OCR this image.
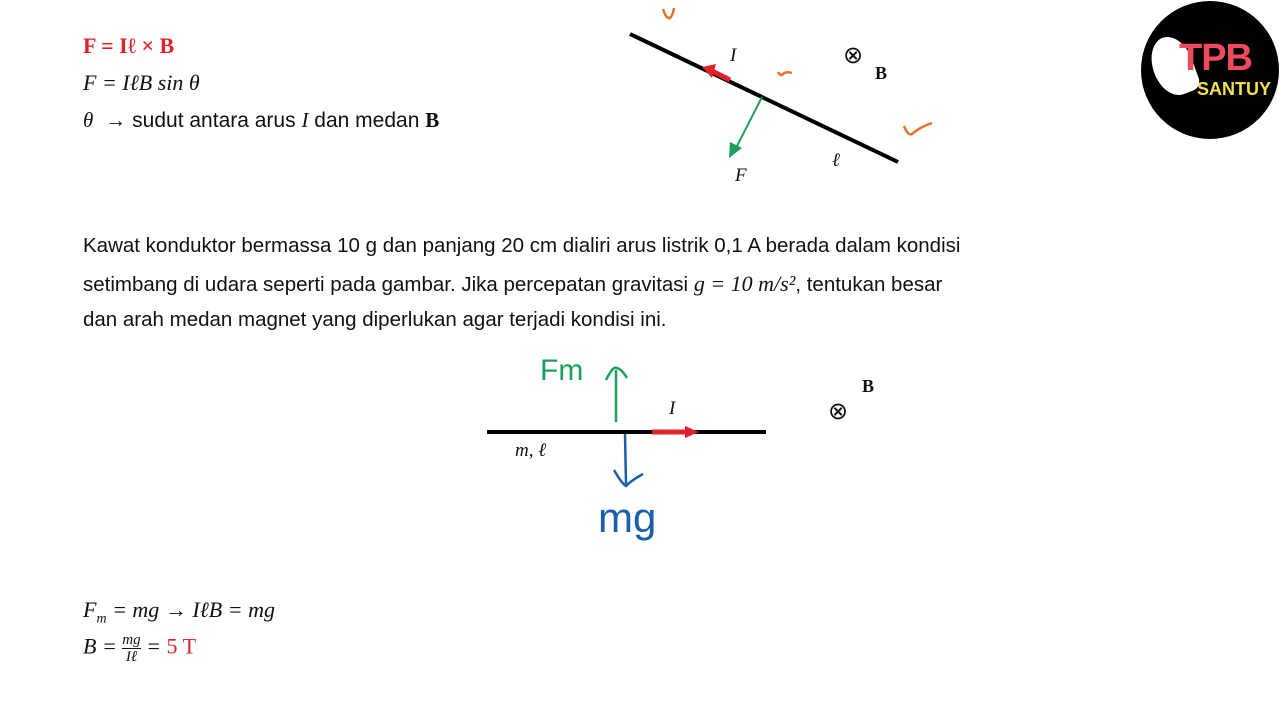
F = Iℓ × B
F = IℓB sin θ
θ → sudut antara arus I dan medan B
Fm
mg
I	⊗
B
F
ℓ
TPB
SANTUY
Kawat konduktor bermassa 10 g dan panjang 20 cm dialiri arus listrik 0,1 A berada dalam kondisi
setimbang di udara seperti pada gambar. Jika percepatan gravitasi g = 10 m/s², tentukan besar
dan arah medan magnet yang diperlukan agar terjadi kondisi ini.
I	⊗
B
m, ℓ
$F_m$ = mg → IℓB = mg
$B = \frac{mg}{\text{Iℓ}} = 5$ T
